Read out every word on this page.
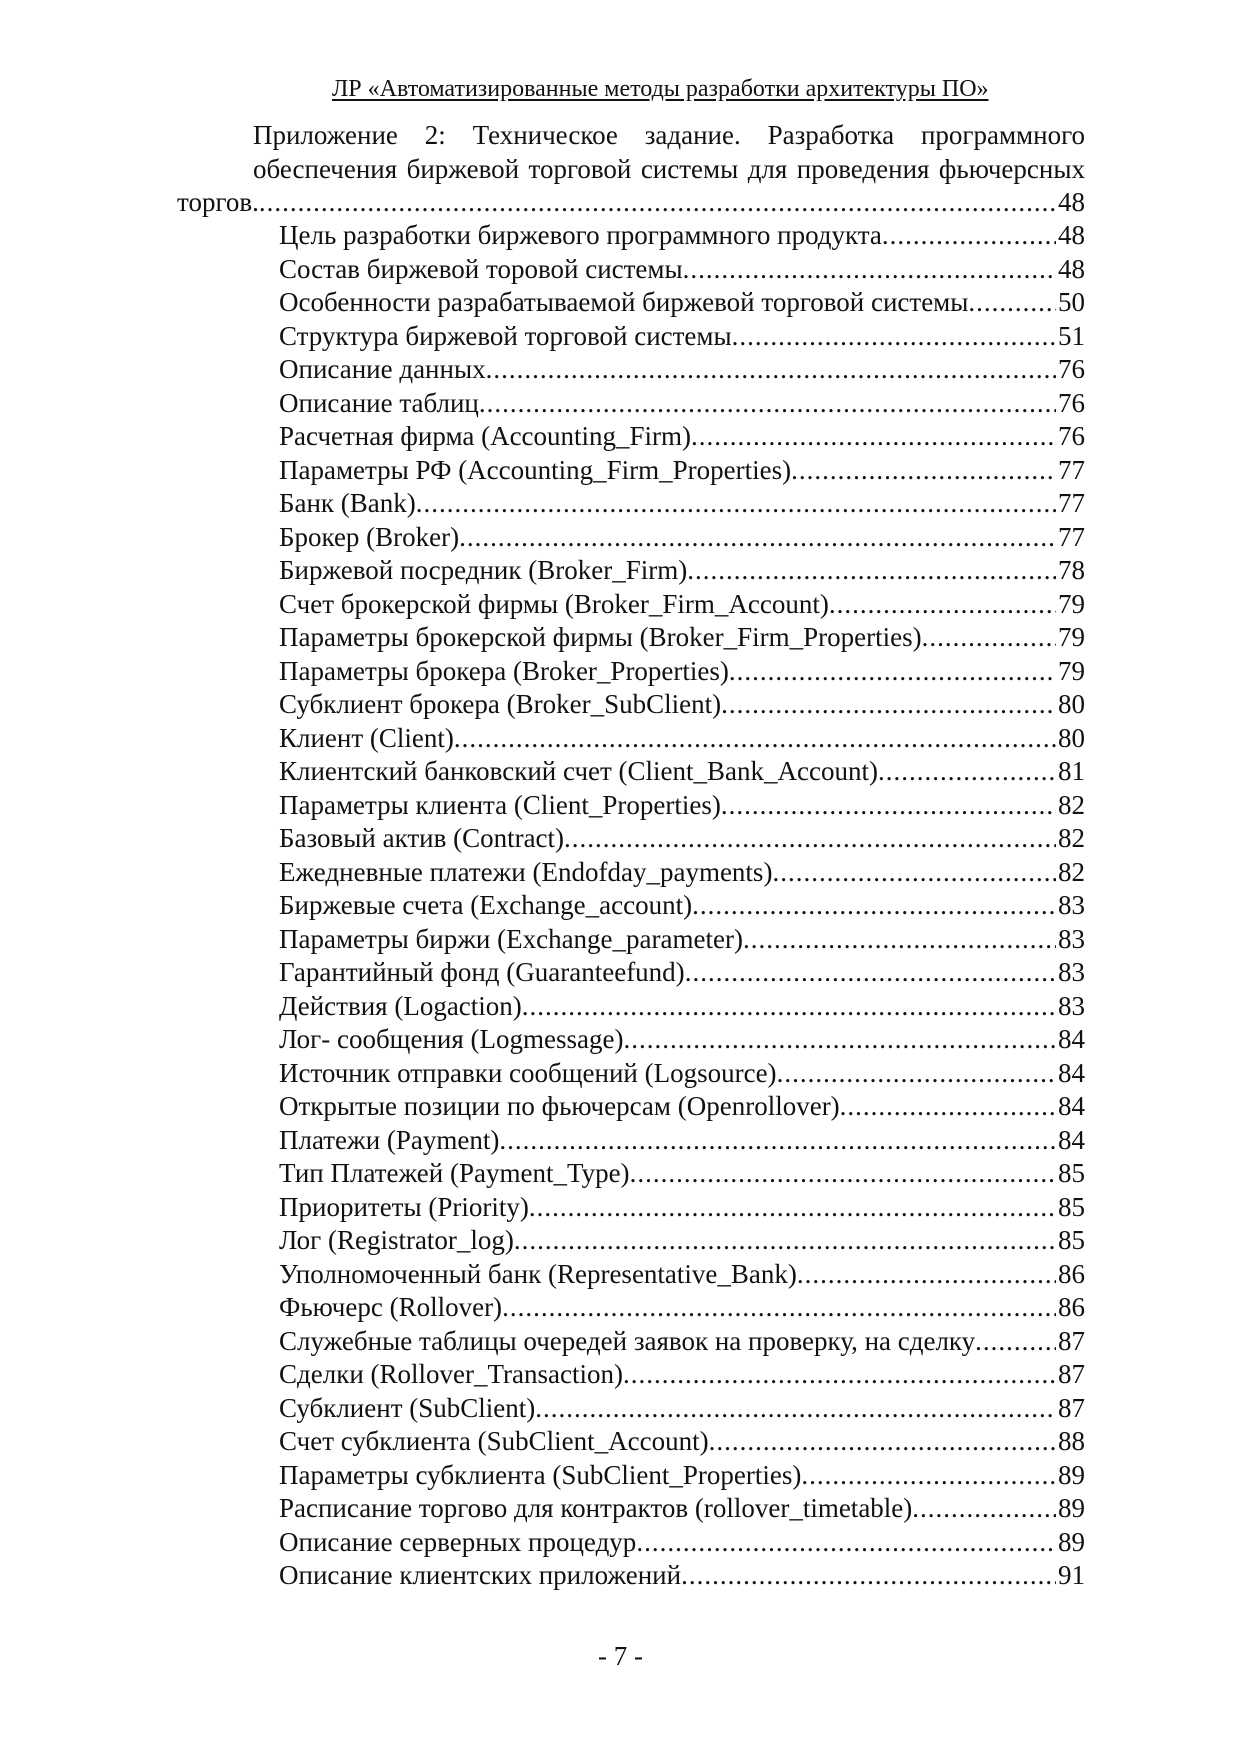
ЛР «Автоматизированные методы разработки архитектуры ПО»
Приложение 2: Техническое задание. Разработка программного
обеспечения биржевой торговой системы для проведения фьючерсных
торгов. .....	48
Цель разработки биржевого программного продукта .....	48
Состав биржевой торовой системы .....	48
Особенности разрабатываемой биржевой торговой системы .....	50
Структура биржевой торговой системы .....	51
Описание данных .....	76
Описание таблиц .....	76
Расчетная фирма (Accounting_Firm) .....	76
Параметры РФ (Accounting_Firm_Properties) .....	77
Банк (Bank) .....	77
Брокер (Broker) .....	77
Биржевой посредник (Broker_Firm) .....	78
Счет брокерской фирмы (Broker_Firm_Account) .....	79
Параметры брокерской фирмы (Broker_Firm_Properties) .....	79
Параметры брокера (Broker_Properties) .....	79
Субклиент брокера (Broker_SubClient) .....	80
Клиент (Client) .....	80
Клиентский банковский счет (Client_Bank_Account) .....	81
Параметры клиента (Client_Properties) .....	82
Базовый актив (Contract) .....	82
Ежедневные платежи (Endofday_payments) .....	82
Биржевые счета (Exchange_account) .....	83
Параметры биржи (Exchange_parameter) .....	83
Гарантийный фонд (Guaranteefund) .....	83
Действия (Logaction) .....	83
Лог- сообщения (Logmessage) .....	84
Источник отправки сообщений (Logsource) .....	84
Открытые позиции по фьючерсам (Openrollover) .....	84
Платежи (Payment) .....	84
Тип Платежей (Payment_Type) .....	85
Приоритеты (Priority) .....	85
Лог (Registrator_log) .....	85
Уполномоченный банк (Representative_Bank) .....	86
Фьючерс (Rollover) .....	86
Служебные таблицы очередей заявок на проверку, на сделку .....	87
Сделки (Rollover_Transaction) .....	87
Субклиент (SubClient) .....	87
Счет субклиента (SubClient_Account) .....	88
Параметры субклиента (SubClient_Properties) .....	89
Расписание торгово для контрактов (rollover_timetable) .....	89
Описание серверных процедур .....	89
Описание клиентских приложений .....	91
- 7 -
